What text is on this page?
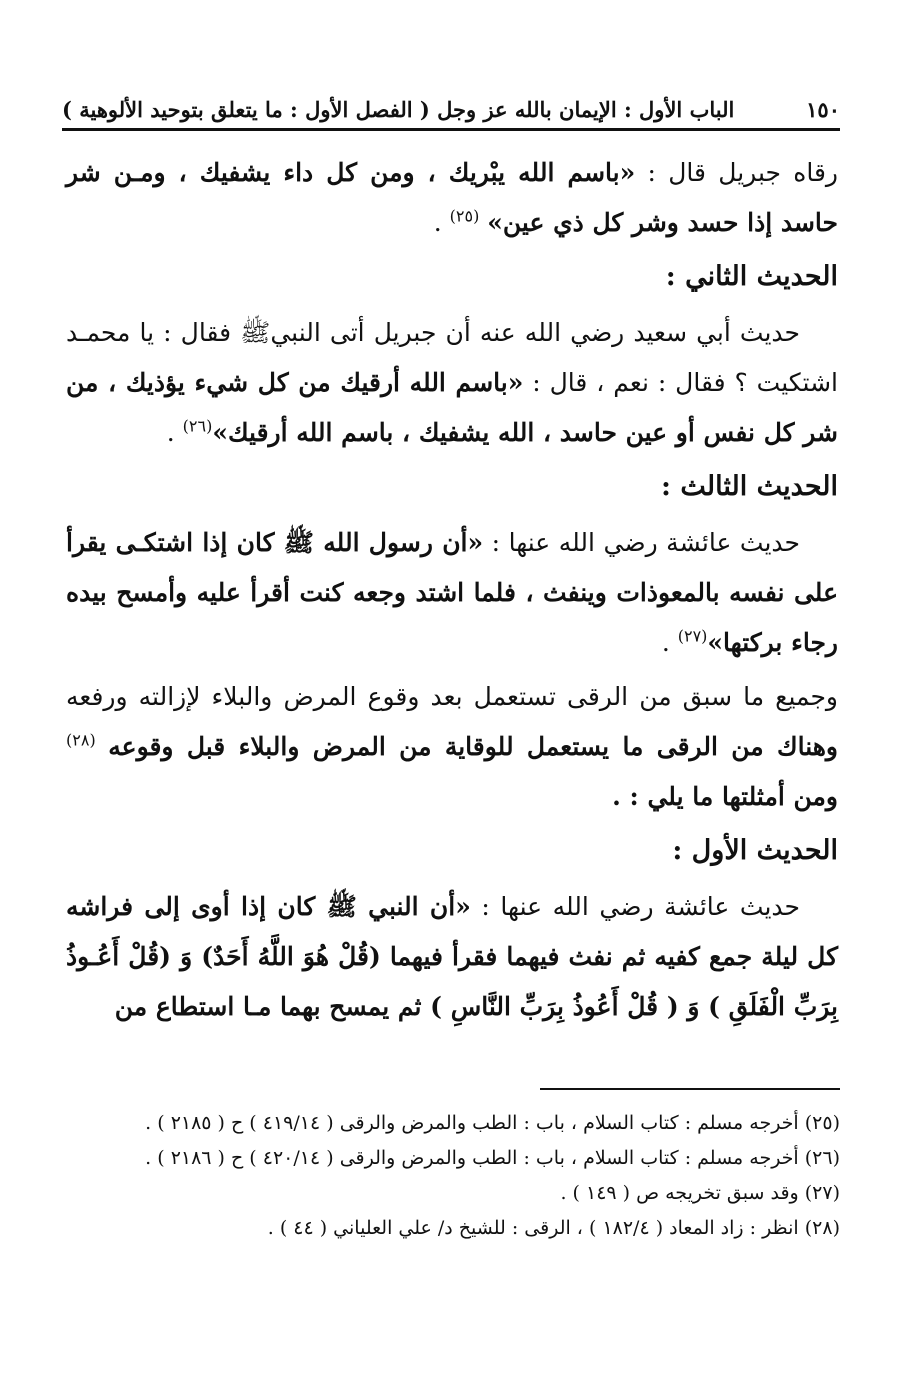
١٥٠
الباب الأول : الإيمان بالله عز وجل ( الفصل الأول : ما يتعلق بتوحيد الألوهية )

رقاه جبريل قال : «باسم الله يبْريك ، ومن كل داء يشفيك ، ومـن شر حاسد إذا حسد وشر كل ذي عين» $^{(٢٥)}$ .

الحديث الثاني :

حديث أبي سعيد رضي الله عنه أن جبريل أتى النبيﷺ فقال : يا محمـد اشتكيت ؟ فقال : نعم ، قال : «باسم الله أرقيك من كل شيء يؤذيك ، من شر كل نفس أو عين حاسد ، الله يشفيك ، باسم الله أرقيك»$^{(٢٦)}$ .

الحديث الثالث :

حديث عائشة رضي الله عنها : «أن رسول الله ﷺ كان إذا اشتكـى يقرأ على نفسه بالمعوذات وينفث ، فلما اشتد وجعه كنت أقرأ عليه وأمسح بيده رجاء بركتها»$^{(٢٧)}$ .

وجميع ما سبق من الرقى تستعمل بعد وقوع المرض والبلاء لإزالته ورفعه وهناك من الرقى ما يستعمل للوقاية من المرض والبلاء قبل وقوعه $^{(٢٨)}$ ومن أمثلتها ما يلي : .

الحديث الأول :

حديث عائشة رضي الله عنها : «أن النبي ﷺ كان إذا أوى إلى فراشه كل ليلة جمع كفيه ثم نفث فيهما فقرأ فيهما (قُلْ هُوَ اللَّهُ أَحَدٌ) وَ (قُلْ أَعُـوذُ بِرَبِّ الْفَلَقِ ) وَ ( قُلْ أَعُوذُ بِرَبِّ النَّاسِ ) ثم يمسح بهما مـا استطاع من

(٢٥) أخرجه مسلم : كتاب السلام ، باب : الطب والمرض والرقى ( ٤١٩/١٤ ) ح ( ٢١٨٥ ) .
(٢٦) أخرجه مسلم : كتاب السلام ، باب : الطب والمرض والرقى ( ٤٢٠/١٤ ) ح ( ٢١٨٦ ) .
(٢٧) وقد سبق تخريجه ص ( ١٤٩ ) .
(٢٨) انظر : زاد المعاد ( ١٨٢/٤ ) ، الرقى : للشيخ د/ علي العلياني ( ٤٤ ) .
